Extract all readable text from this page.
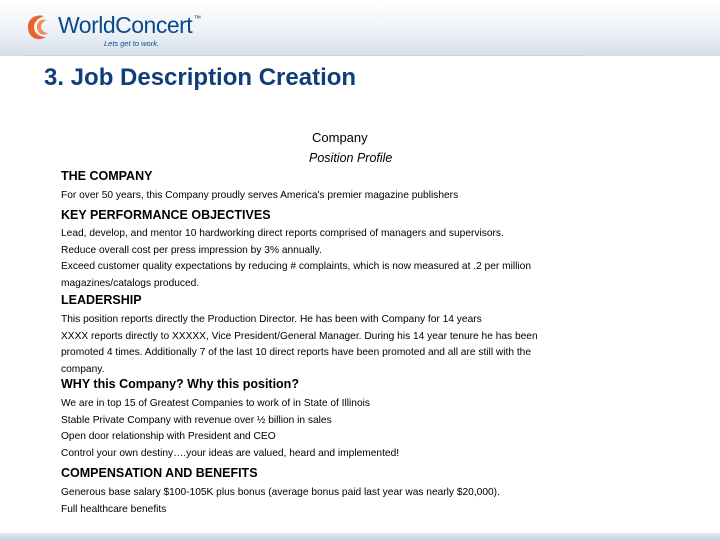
WorldConcert™
Lets get to work.
3. Job Description Creation
Company
Position Profile
THE COMPANY
For over 50 years, this Company proudly serves America's premier magazine publishers
KEY PERFORMANCE OBJECTIVES
Lead, develop, and mentor 10 hardworking direct reports comprised of managers and supervisors.
Reduce overall cost per press impression by 3% annually.
Exceed customer quality expectations by reducing # complaints, which is now measured at .2 per million
magazines/catalogs produced.
LEADERSHIP
This position reports directly the Production Director. He has been with Company for 14 years
XXXX reports directly to XXXXX, Vice President/General Manager. During his 14 year tenure he has been
promoted 4 times. Additionally 7 of the last 10 direct reports have been promoted and all are still with the
company.
WHY this Company? Why this position?
We are in top 15 of Greatest Companies to work of in State of Illinois
Stable Private Company with revenue over ½ billion in sales
Open door relationship with President and CEO
Control your own destiny….your ideas are valued, heard and implemented!
COMPENSATION AND BENEFITS
Generous base salary $100-105K plus bonus (average bonus paid last year was nearly $20,000).
Full healthcare benefits
